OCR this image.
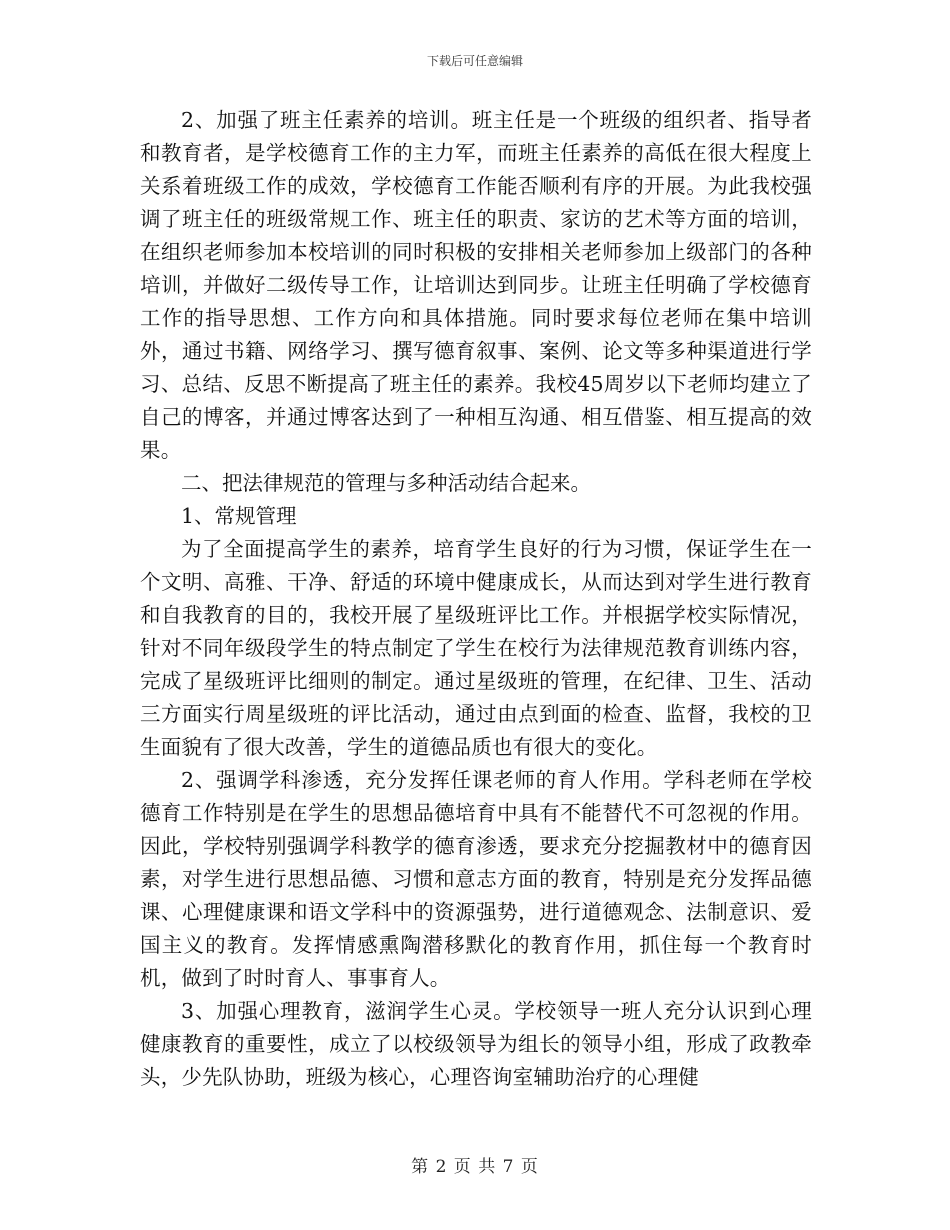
下载后可任意编辑

2、加强了班主任素养的培训。班主任是一个班级的组织者、指导者和教育者，是学校德育工作的主力军，而班主任素养的高低在很大程度上关系着班级工作的成效，学校德育工作能否顺利有序的开展。为此我校强调了班主任的班级常规工作、班主任的职责、家访的艺术等方面的培训，在组织老师参加本校培训的同时积极的安排相关老师参加上级部门的各种培训，并做好二级传导工作，让培训达到同步。让班主任明确了学校德育工作的指导思想、工作方向和具体措施。同时要求每位老师在集中培训外，通过书籍、网络学习、撰写德育叙事、案例、论文等多种渠道进行学习、总结、反思不断提高了班主任的素养。我校45周岁以下老师均建立了自己的博客，并通过博客达到了一种相互沟通、相互借鉴、相互提高的效果。

二、把法律规范的管理与多种活动结合起来。

1、常规管理

为了全面提高学生的素养，培育学生良好的行为习惯，保证学生在一个文明、高雅、干净、舒适的环境中健康成长，从而达到对学生进行教育和自我教育的目的，我校开展了星级班评比工作。并根据学校实际情况，针对不同年级段学生的特点制定了学生在校行为法律规范教育训练内容，完成了星级班评比细则的制定。通过星级班的管理，在纪律、卫生、活动三方面实行周星级班的评比活动，通过由点到面的检查、监督，我校的卫生面貌有了很大改善，学生的道德品质也有很大的变化。

2、强调学科渗透，充分发挥任课老师的育人作用。学科老师在学校德育工作特别是在学生的思想品德培育中具有不能替代不可忽视的作用。因此，学校特别强调学科教学的德育渗透，要求充分挖掘教材中的德育因素，对学生进行思想品德、习惯和意志方面的教育，特别是充分发挥品德课、心理健康课和语文学科中的资源强势，进行道德观念、法制意识、爱国主义的教育。发挥情感熏陶潜移默化的教育作用，抓住每一个教育时机，做到了时时育人、事事育人。

3、加强心理教育，滋润学生心灵。学校领导一班人充分认识到心理健康教育的重要性，成立了以校级领导为组长的领导小组，形成了政教牵头，少先队协助，班级为核心，心理咨询室辅助治疗的心理健

第 2 页 共 7 页
